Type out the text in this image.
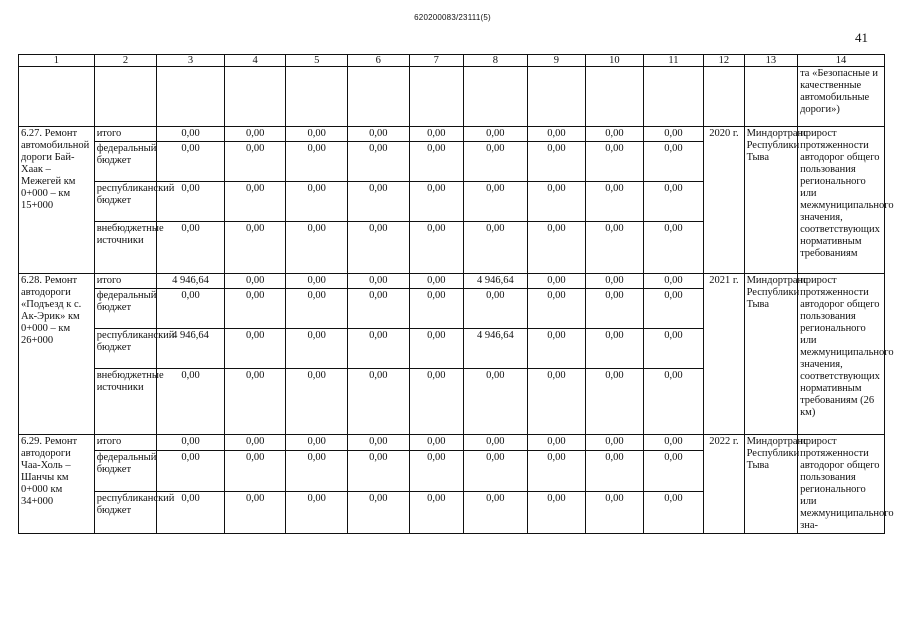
620200083/23111(5)
41
1	2	3	4	5	6	7	8	9	10	11	12	13	14
													та «Безопасные и качественные автомобильные дороги»)
6.27. Ремонт автомобильной дороги Бай-Хаак – Межегей км 0+000 – км 15+000	итого	0,00	0,00	0,00	0,00	0,00	0,00	0,00	0,00	0,00	2020 г.	Миндортранс Республики Тыва	прирост протяженности автодорог общего пользования регионального или межмуниципального значения, соответствующих нормативным требованиям
	федеральный бюджет	0,00	0,00	0,00	0,00	0,00	0,00	0,00	0,00	0,00			
	республиканский бюджет	0,00	0,00	0,00	0,00	0,00	0,00	0,00	0,00	0,00			
	внебюджетные источники	0,00	0,00	0,00	0,00	0,00	0,00	0,00	0,00	0,00			
6.28. Ремонт автодороги «Подъезд к с. Ак-Эрик» км 0+000 – км 26+000	итого	4 946,64	0,00	0,00	0,00	0,00	4 946,64	0,00	0,00	0,00	2021 г.	Миндортранс Республики Тыва	прирост протяженности автодорог общего пользования регионального или межмуниципального значения, соответствующих нормативным требованиям (26 км)
	федеральный бюджет	0,00	0,00	0,00	0,00	0,00	0,00	0,00	0,00	0,00			
	республиканский бюджет	4 946,64	0,00	0,00	0,00	0,00	4 946,64	0,00	0,00	0,00			
	внебюджетные источники	0,00	0,00	0,00	0,00	0,00	0,00	0,00	0,00	0,00			
6.29. Ремонт автодороги Чаа-Холь – Шанчы км 0+000 км 34+000	итого	0,00	0,00	0,00	0,00	0,00	0,00	0,00	0,00	0,00	2022 г.	Миндортранс Республики Тыва	прирост протяженности автодорог общего пользования регионального или межмуниципального зна-
	федеральный бюджет	0,00	0,00	0,00	0,00	0,00	0,00	0,00	0,00	0,00			
	республиканский бюджет	0,00	0,00	0,00	0,00	0,00	0,00	0,00	0,00	0,00			
